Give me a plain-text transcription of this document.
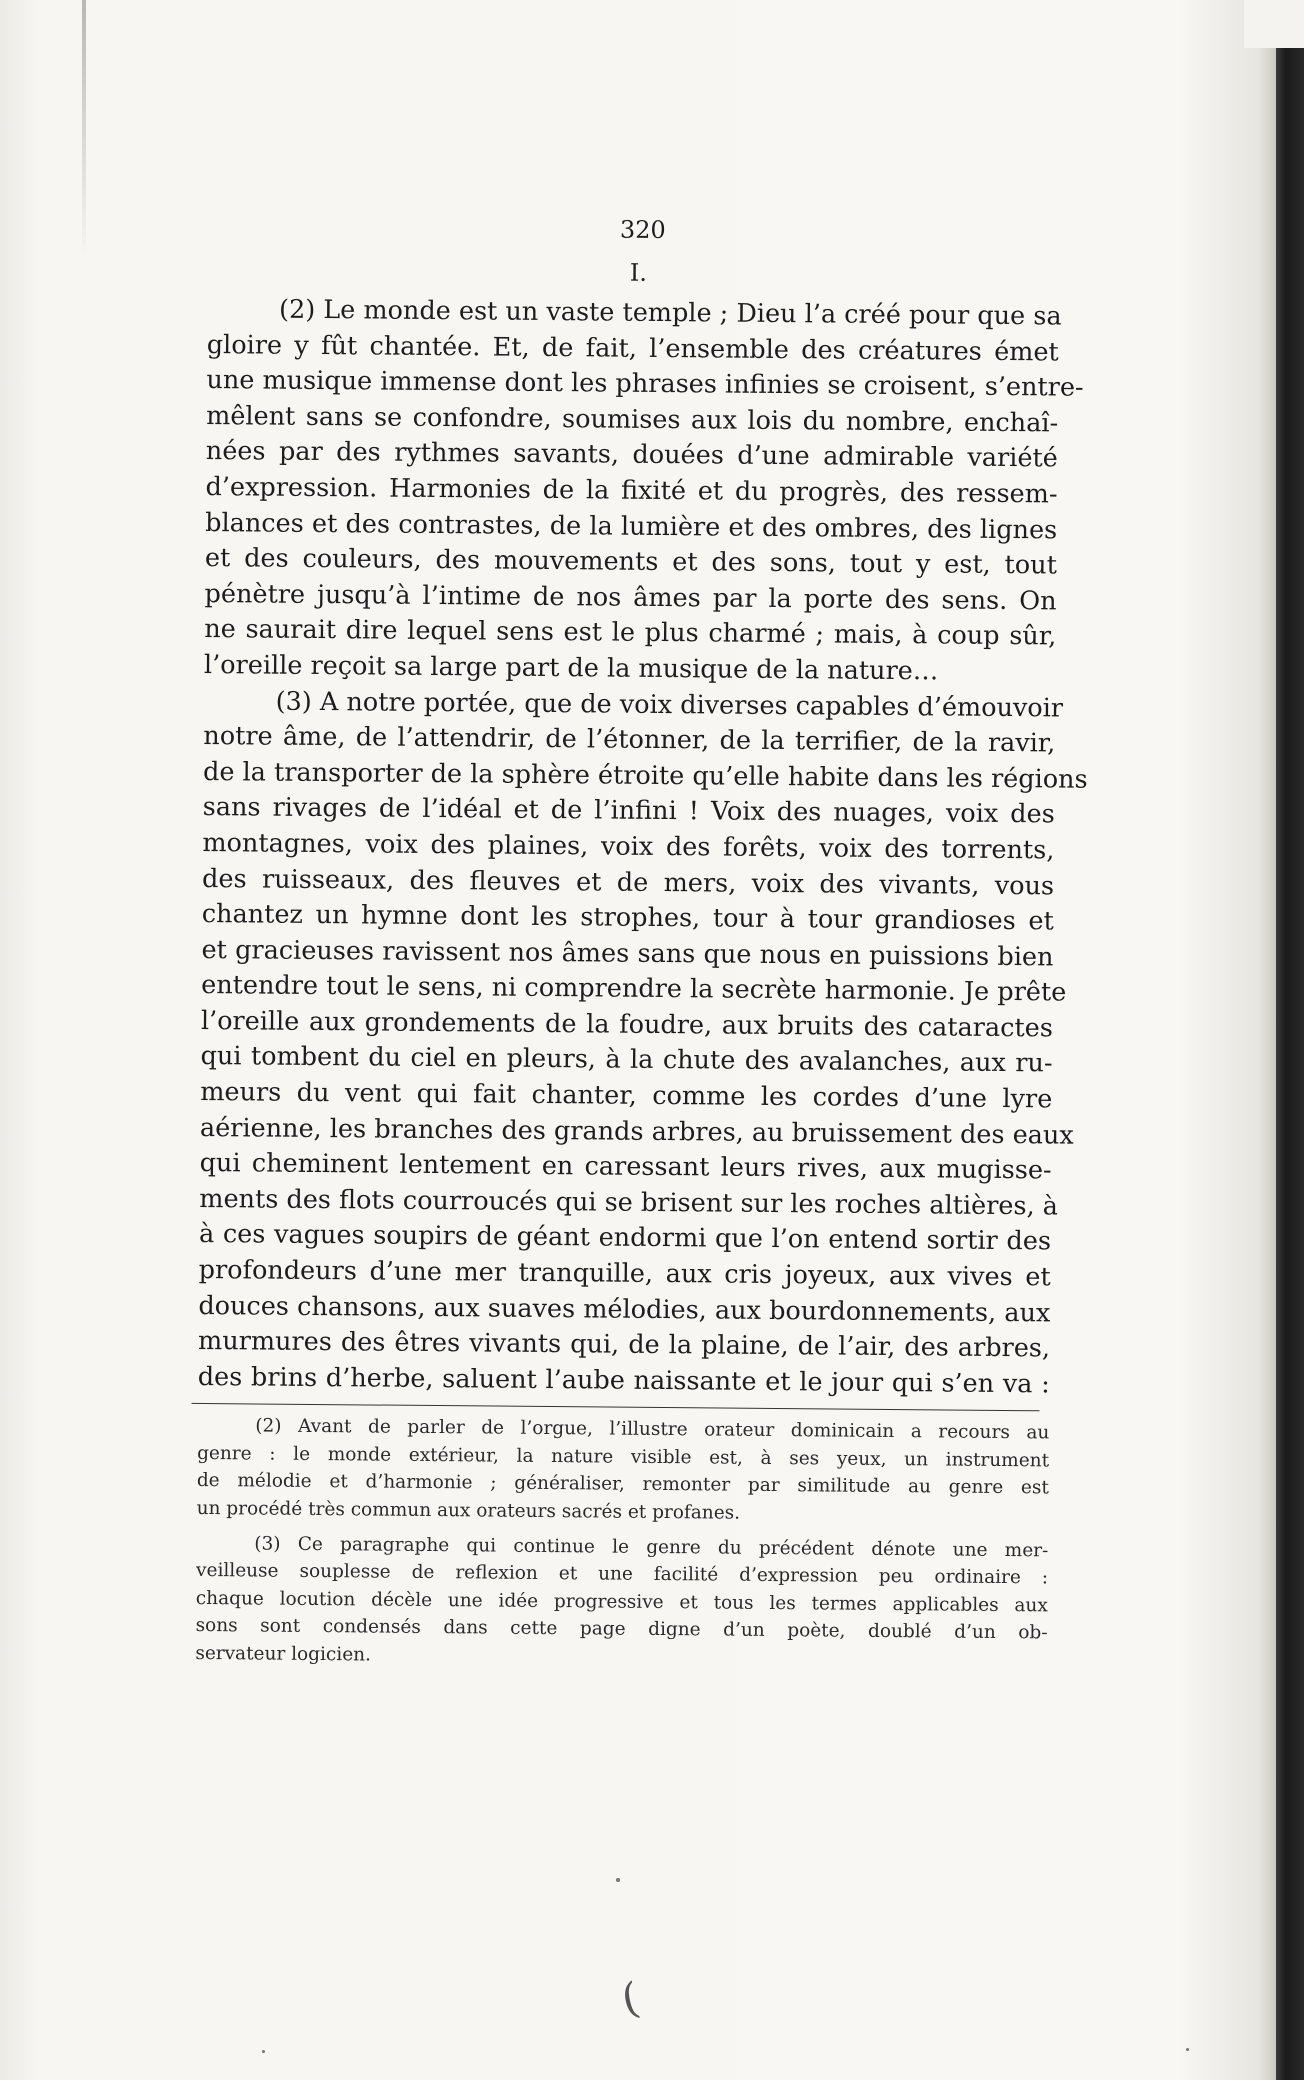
320
I.
(2) Le monde est un vaste temple ; Dieu l’a créé pour que sa
gloire y fût chantée. Et, de fait, l’ensemble des créatures émet
une musique immense dont les phrases infinies se croisent, s’entre-
mêlent sans se confondre, soumises aux lois du nombre, enchaî-
nées par des rythmes savants, douées d’une admirable variété
d’expression. Harmonies de la fixité et du progrès, des ressem-
blances et des contrastes, de la lumière et des ombres, des lignes
et des couleurs, des mouvements et des sons, tout y est, tout
pénètre jusqu’à l’intime de nos âmes par la porte des sens. On
ne saurait dire lequel sens est le plus charmé ; mais, à coup sûr,
l’oreille reçoit sa large part de la musique de la nature…
(3) A notre portée, que de voix diverses capables d’émouvoir
notre âme, de l’attendrir, de l’étonner, de la terrifier, de la ravir,
de la transporter de la sphère étroite qu’elle habite dans les régions
sans rivages de l’idéal et de l’infini ! Voix des nuages, voix des
montagnes, voix des plaines, voix des forêts, voix des torrents,
des ruisseaux, des fleuves et de mers, voix des vivants, vous
chantez un hymne dont les strophes, tour à tour grandioses et
et gracieuses ravissent nos âmes sans que nous en puissions bien
entendre tout le sens, ni comprendre la secrète harmonie. Je prête
l’oreille aux grondements de la foudre, aux bruits des cataractes
qui tombent du ciel en pleurs, à la chute des avalanches, aux ru-
meurs du vent qui fait chanter, comme les cordes d’une lyre
aérienne, les branches des grands arbres, au bruissement des eaux
qui cheminent lentement en caressant leurs rives, aux mugisse-
ments des flots courroucés qui se brisent sur les roches altières, à
à ces vagues soupirs de géant endormi que l’on entend sortir des
profondeurs d’une mer tranquille, aux cris joyeux, aux vives et
douces chansons, aux suaves mélodies, aux bourdonnements, aux
murmures des êtres vivants qui, de la plaine, de l’air, des arbres,
des brins d’herbe, saluent l’aube naissante et le jour qui s’en va :
(2) Avant de parler de l’orgue, l’illustre orateur dominicain a recours au
genre : le monde extérieur, la nature visible est, à ses yeux, un instrument
de mélodie et d’harmonie ; généraliser, remonter par similitude au genre est
un procédé très commun aux orateurs sacrés et profanes.
(3) Ce paragraphe qui continue le genre du précédent dénote une mer-
veilleuse souplesse de reflexion et une facilité d’expression peu ordinaire :
chaque locution décèle une idée progressive et tous les termes applicables aux
sons sont condensés dans cette page digne d’un poète, doublé d’un ob-
servateur logicien.
(
